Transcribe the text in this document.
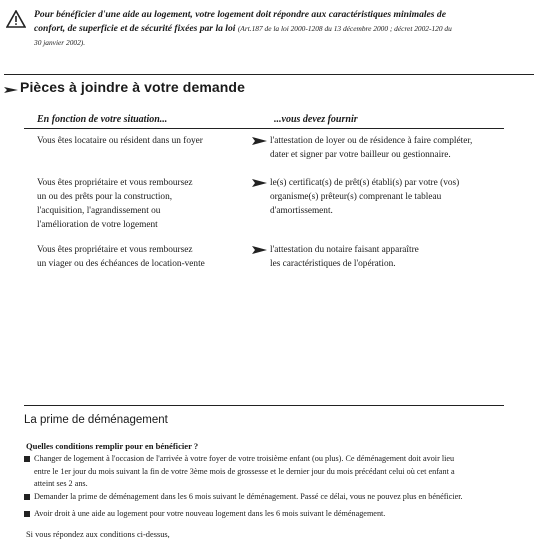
Pour bénéficier d'une aide au logement, votre logement doit répondre aux caractéristiques minimales de
confort, de superficie et de sécurité fixées par la loi (Art.187 de la loi 2000-1208 du 13 décembre 2000 ; décret 2002-120 du
30 janvier 2002).
Pièces à joindre à votre demande
En fonction de votre situation...	...vous devez fournir
Vous êtes locataire ou résident dans un foyer	l'attestation de loyer ou de résidence à faire compléter,
dater et signer par votre bailleur ou gestionnaire.
Vous êtes propriétaire et vous remboursez
un ou des prêts pour la construction,
l'acquisition, l'agrandissement ou
l'amélioration de votre logement
le(s) certificat(s) de prêt(s) établi(s) par votre (vos)
organisme(s) prêteur(s) comprenant le tableau
d'amortissement.
Vous êtes propriétaire et vous remboursez
un viager ou des échéances de location-vente
l'attestation du notaire faisant apparaître
les caractéristiques de l'opération.
La prime de déménagement
Quelles conditions remplir pour en bénéficier ?
Changer de logement à l'occasion de l'arrivée à votre foyer de votre troisième enfant (ou plus). Ce déménagement doit avoir lieu
entre le 1er jour du mois suivant la fin de votre 3ème mois de grossesse et le dernier jour du mois précédant celui où cet enfant a
atteint ses 2 ans.
Demander la prime de déménagement dans les 6 mois suivant le déménagement. Passé ce délai, vous ne pouvez plus en bénéficier.
Avoir droit à une aide au logement pour votre nouveau logement dans les 6 mois suivant le déménagement.
Si vous répondez aux conditions ci-dessus,
